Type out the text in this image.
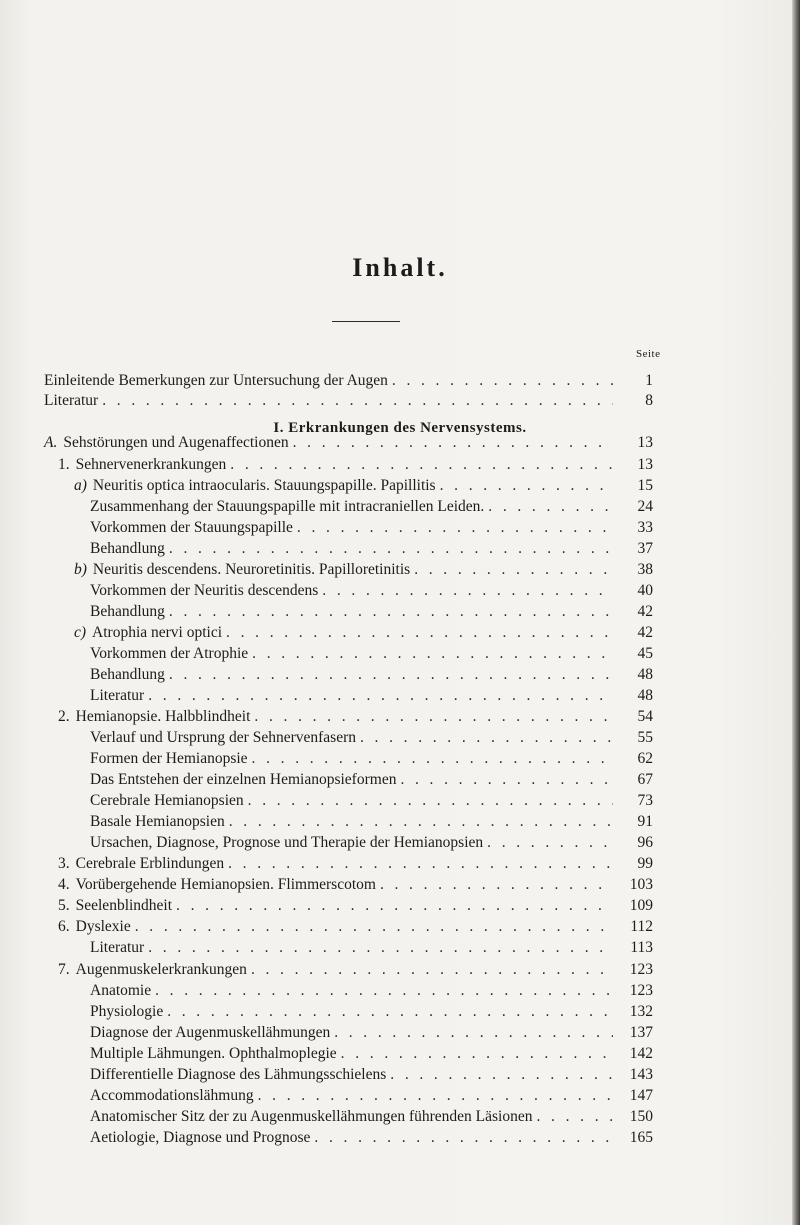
Inhalt.
Seite
I. Erkrankungen des Nervensystems.
Einleitende Bemerkungen zur Untersuchung der Augen . . .	1
Literatur . . .	8
A. Sehstörungen und Augenaffectionen . . .	13
1. Sehnervenerkrankungen . . .	13
a) Neuritis optica intraocularis. Stauungspapille. Papillitis . . .	15
Zusammenhang der Stauungspapille mit intracraniellen Leiden. . . .	24
Vorkommen der Stauungspapille . . .	33
Behandlung . . .	37
b) Neuritis descendens. Neuroretinitis. Papilloretinitis . . .	38
Vorkommen der Neuritis descendens . . .	40
Behandlung . . .	42
c) Atrophia nervi optici . . .	42
Vorkommen der Atrophie . . .	45
Behandlung . . .	48
Literatur . . .	48
2. Hemianopsie. Halbblindheit . . .	54
Verlauf und Ursprung der Sehnervenfasern . . .	55
Formen der Hemianopsie . . .	62
Das Entstehen der einzelnen Hemianopsieformen . . .	67
Cerebrale Hemianopsien . . .	73
Basale Hemianopsien . . .	91
Ursachen, Diagnose, Prognose und Therapie der Hemianopsien . . .	96
3. Cerebrale Erblindungen . . .	99
4. Vorübergehende Hemianopsien. Flimmerscotom . . .	103
5. Seelenblindheit . . .	109
6. Dyslexie . . .	112
Literatur . . .	113
7. Augenmuskelerkrankungen . . .	123
Anatomie . . .	123
Physiologie . . .	132
Diagnose der Augenmuskellähmungen . . .	137
Multiple Lähmungen. Ophthalmoplegie . . .	142
Differentielle Diagnose des Lähmungsschielens . . .	143
Accommodationslähmung . . .	147
Anatomischer Sitz der zu Augenmuskellähmungen führenden Läsionen . . .	150
Aetiologie, Diagnose und Prognose . . .	165
